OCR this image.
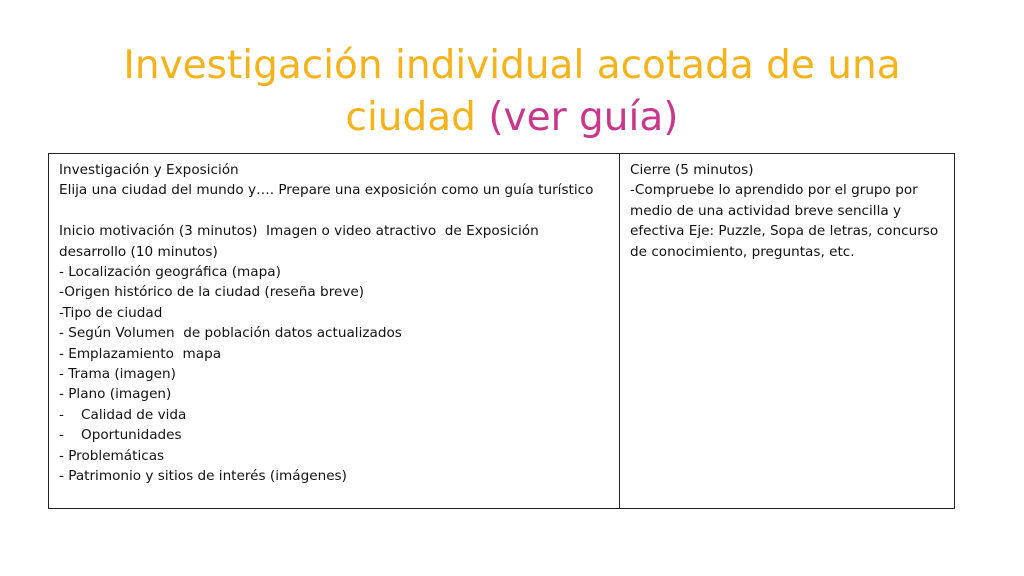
Investigación individual acotada de una ciudad (ver guía)
Investigación y Exposición
Elija una ciudad del mundo y…. Prepare una exposición como un guía turístico
Inicio motivación (3 minutos)  Imagen o video atractivo  de Exposición desarrollo (10 minutos)
- Localización geográfica (mapa)
-Origen histórico de la ciudad (reseña breve)
-Tipo de ciudad
- Según Volumen  de población datos actualizados
- Emplazamiento  mapa
- Trama (imagen)
- Plano (imagen)
- Calidad de vida
- Oportunidades
- Problemáticas
- Patrimonio y sitios de interés (imágenes)

Cierre (5 minutos)
-Compruebe lo aprendido por el grupo por medio de una actividad breve sencilla y efectiva Eje: Puzzle, Sopa de letras, concurso de conocimiento, preguntas, etc.
